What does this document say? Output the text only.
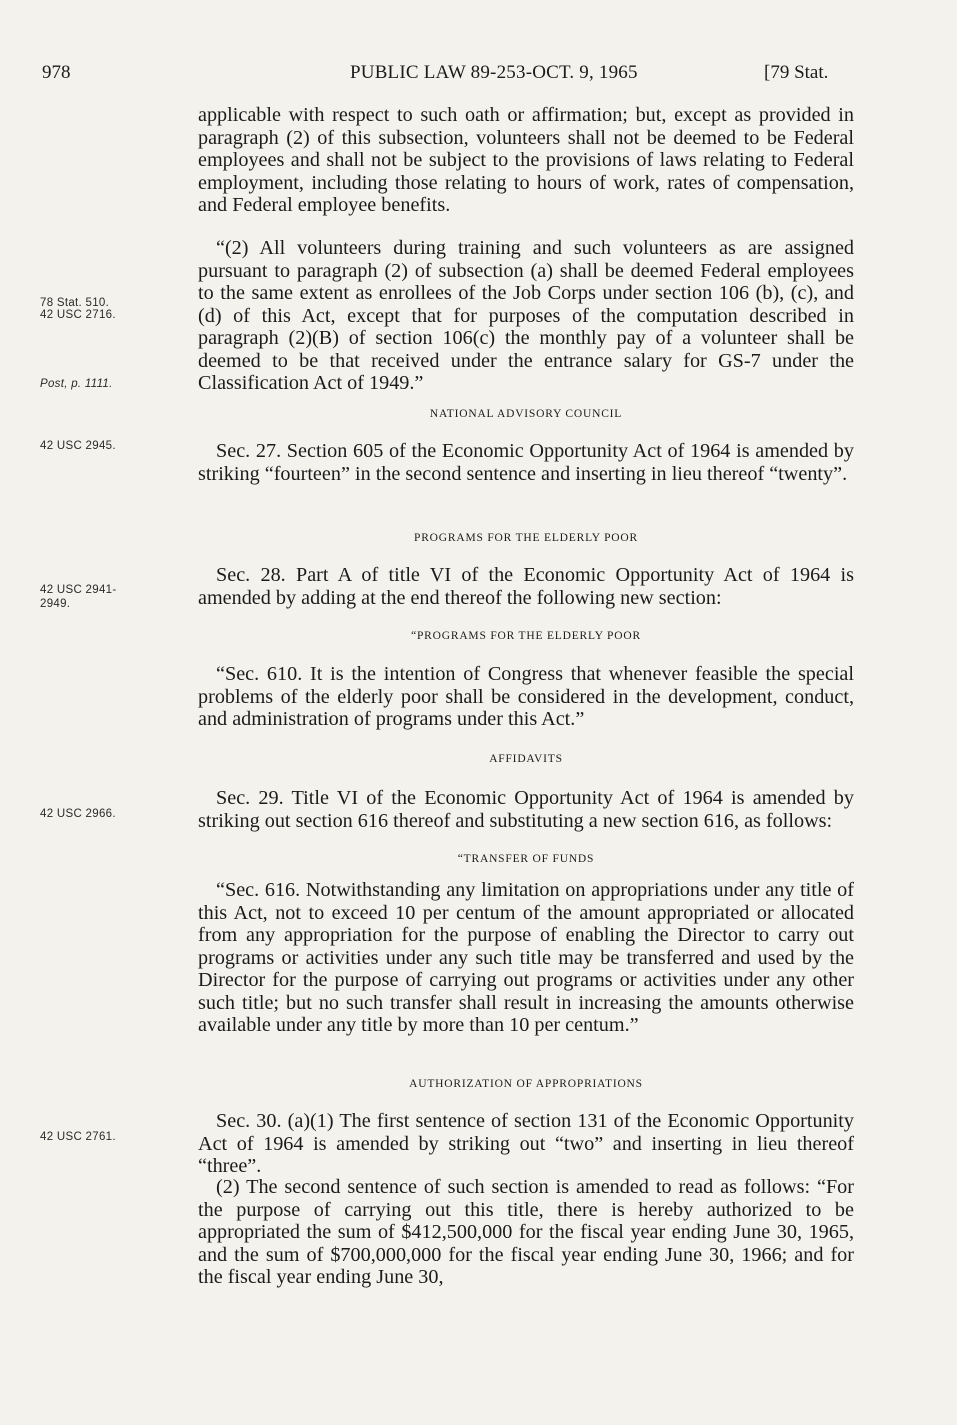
978	PUBLIC LAW 89-253-OCT. 9, 1965	[79 Stat.
78 Stat. 510.
42 USC 2716.
Post, p. 1111.
42 USC 2945.
42 USC 2941-
2949.
42 USC 2966.
42 USC 2761.

applicable with respect to such oath or affirmation; but, except as provided in paragraph (2) of this subsection, volunteers shall not be deemed to be Federal employees and shall not be subject to the provisions of laws relating to Federal employment, including those relating to hours of work, rates of compensation, and Federal employee benefits.

“(2) All volunteers during training and such volunteers as are assigned pursuant to paragraph (2) of subsection (a) shall be deemed Federal employees to the same extent as enrollees of the Job Corps under section 106 (b), (c), and (d) of this Act, except that for purposes of the computation described in paragraph (2)(B) of section 106(c) the monthly pay of a volunteer shall be deemed to be that received under the entrance salary for GS-7 under the Classification Act of 1949.”

NATIONAL ADVISORY COUNCIL

Sec. 27. Section 605 of the Economic Opportunity Act of 1964 is amended by striking “fourteen” in the second sentence and inserting in lieu thereof “twenty”.

PROGRAMS FOR THE ELDERLY POOR

Sec. 28. Part A of title VI of the Economic Opportunity Act of 1964 is amended by adding at the end thereof the following new section:

“PROGRAMS FOR THE ELDERLY POOR

“Sec. 610. It is the intention of Congress that whenever feasible the special problems of the elderly poor shall be considered in the development, conduct, and administration of programs under this Act.”

AFFIDAVITS

Sec. 29. Title VI of the Economic Opportunity Act of 1964 is amended by striking out section 616 thereof and substituting a new section 616, as follows:

“TRANSFER OF FUNDS

“Sec. 616. Notwithstanding any limitation on appropriations under any title of this Act, not to exceed 10 per centum of the amount appropriated or allocated from any appropriation for the purpose of enabling the Director to carry out programs or activities under any such title may be transferred and used by the Director for the purpose of carrying out programs or activities under any other such title; but no such transfer shall result in increasing the amounts otherwise available under any title by more than 10 per centum.”

AUTHORIZATION OF APPROPRIATIONS

Sec. 30. (a)(1) The first sentence of section 131 of the Economic Opportunity Act of 1964 is amended by striking out “two” and inserting in lieu thereof “three”.

(2) The second sentence of such section is amended to read as follows: “For the purpose of carrying out this title, there is hereby authorized to be appropriated the sum of $412,500,000 for the fiscal year ending June 30, 1965, and the sum of $700,000,000 for the fiscal year ending June 30, 1966; and for the fiscal year ending June 30,
